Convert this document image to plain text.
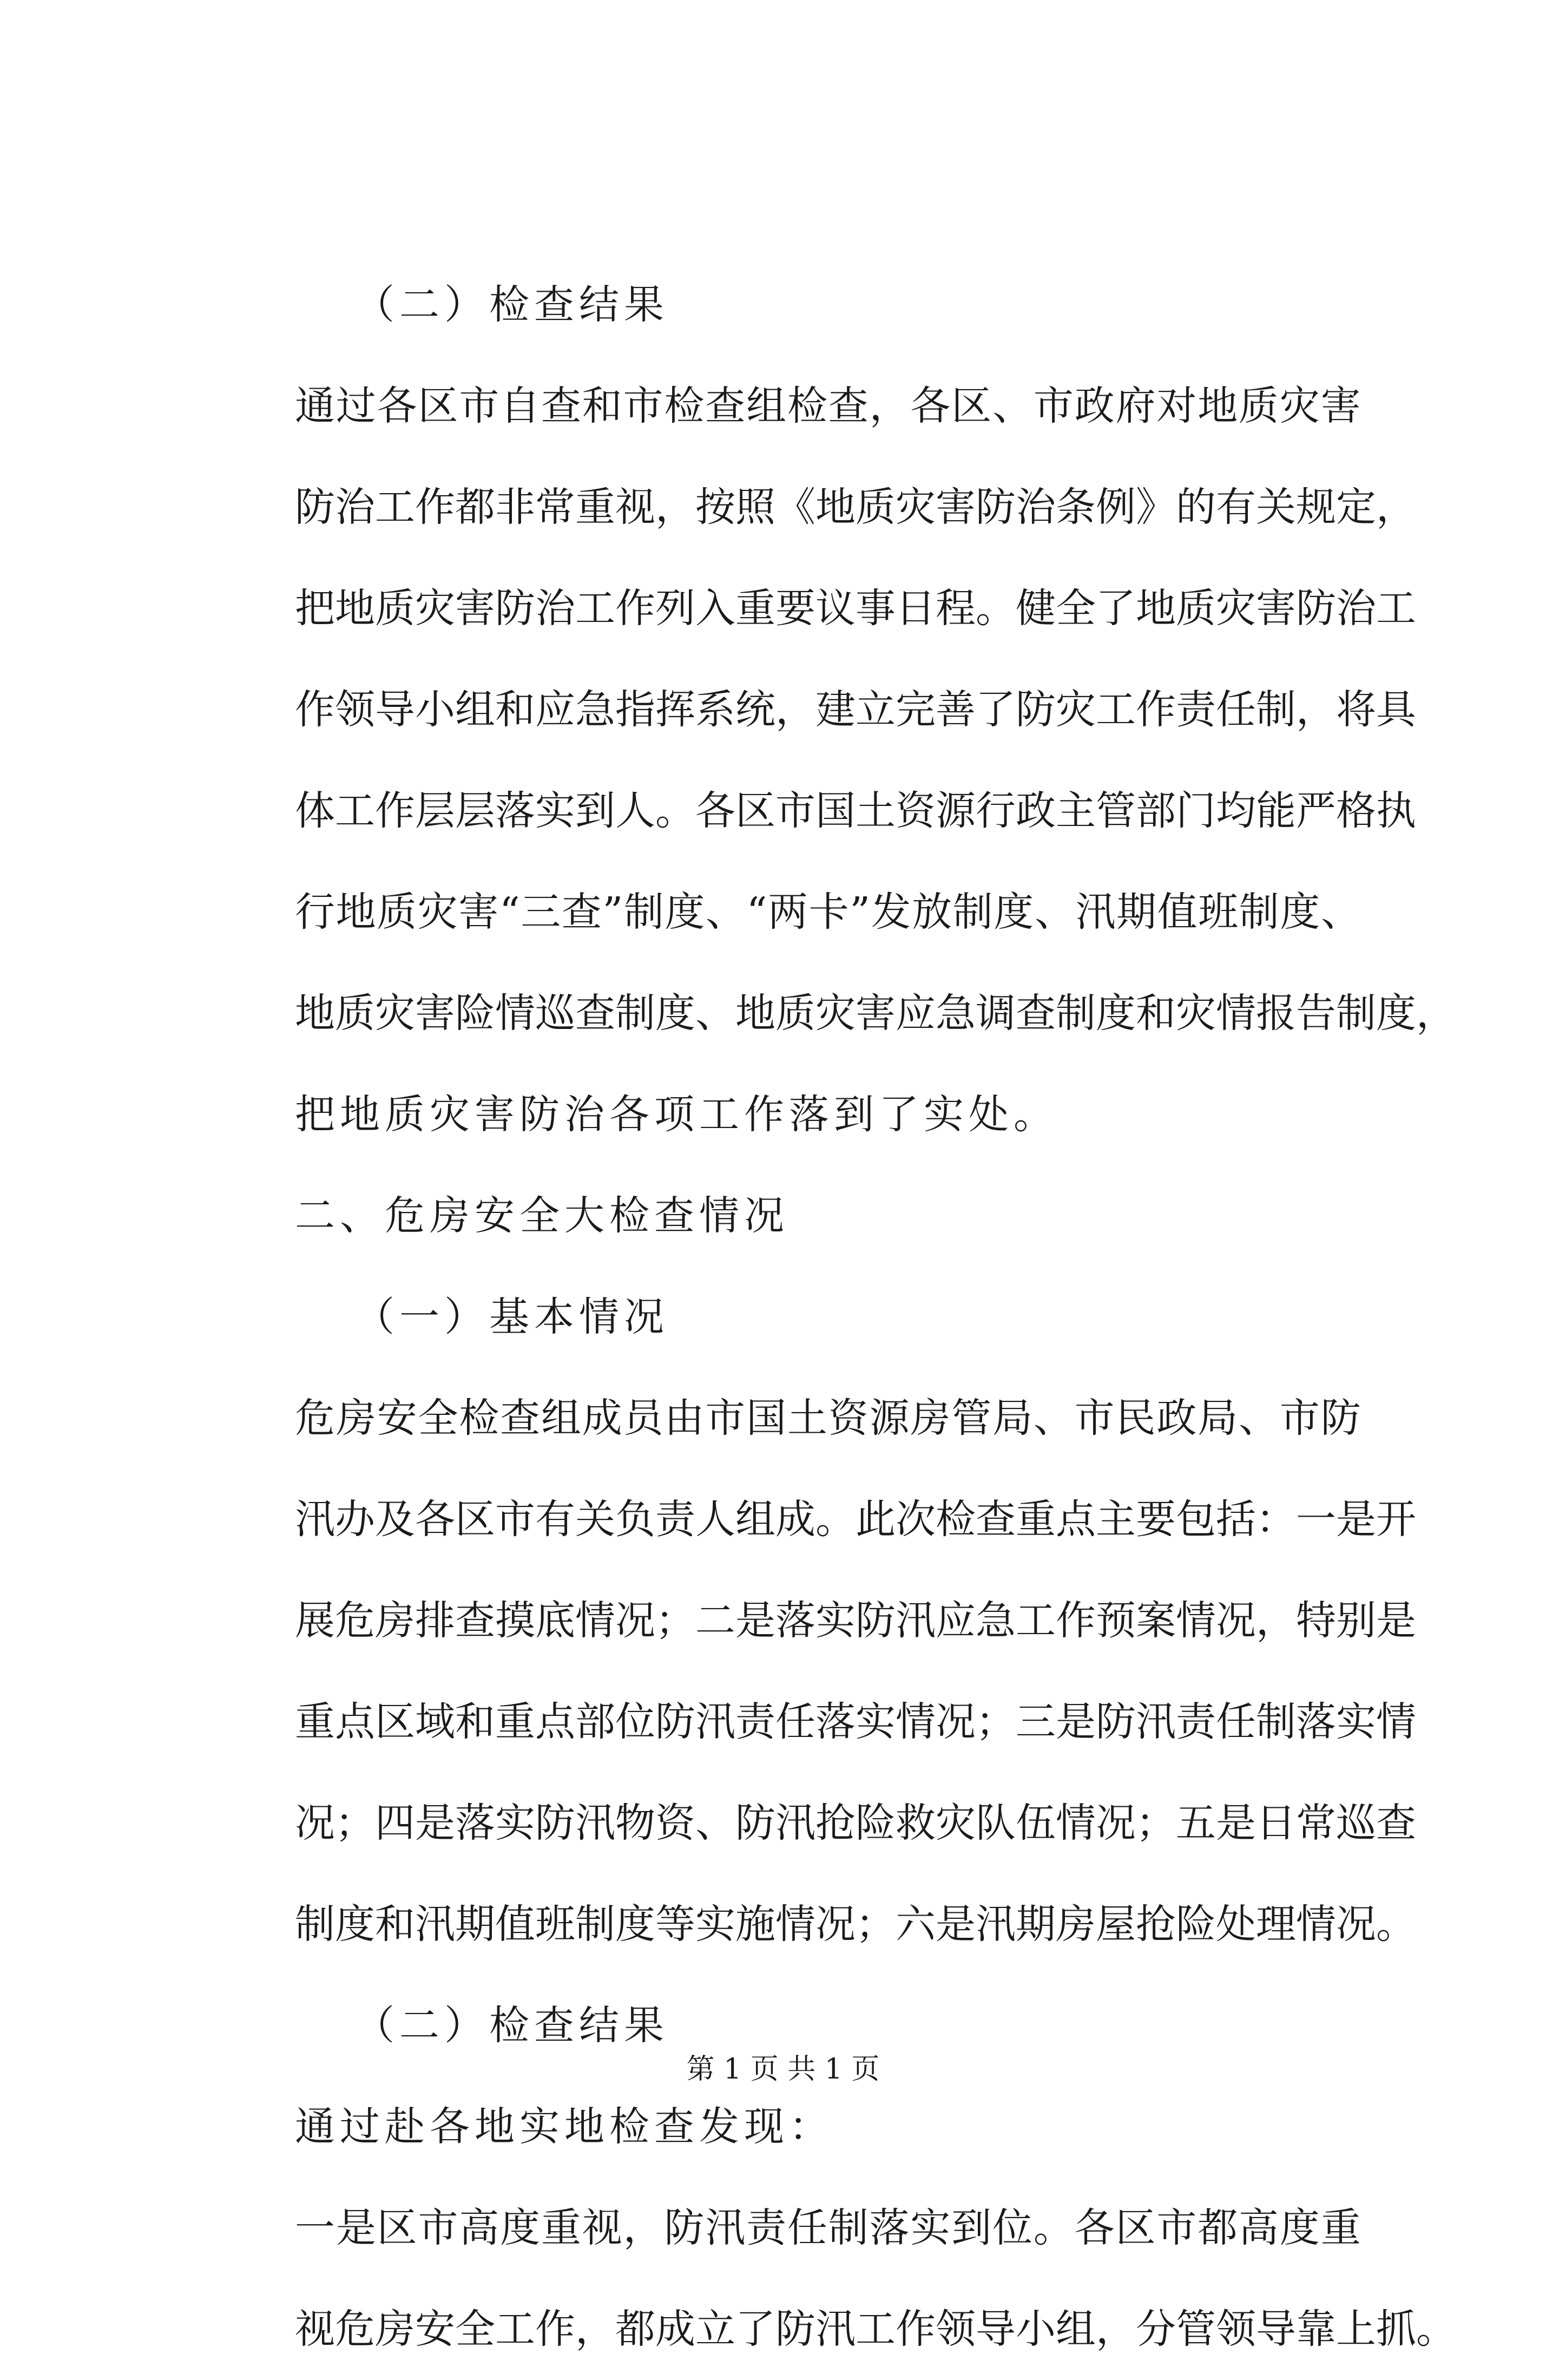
（二）检查结果
通 过 各 区 市 自 查 和 市 检 查 组 检 查 ， 各 区 、 市 政 府 对 地 质 灾 害
防 治 工 作 都 非 常 重 视 ， 按 照 《 地 质 灾 害 防 治 条 例 》 的 有 关 规 定 ，
把 地 质 灾 害 防 治 工 作 列 入 重 要 议 事 日 程 。 健 全 了 地 质 灾 害 防 治 工
作 领 导 小 组 和 应 急 指 挥 系 统 ， 建 立 完 善 了 防 灾 工 作 责 任 制 ， 将 具
体 工 作 层 层 落 实 到 人 。 各 区 市 国 土 资 源 行 政 主 管 部 门 均 能 严 格 执
行 地 质 灾 害 “ 三 查 ” 制 度 、 “ 两 卡 ” 发 放 制 度 、 汛 期 值 班 制 度 、
地 质 灾 害 险 情 巡 查 制 度 、 地 质 灾 害 应 急 调 查 制 度 和 灾 情 报 告 制 度 ，
把地质灾害防治各项工作落到了实处。
二、危房安全大检查情况
（一）基本情况
危 房 安 全 检 查 组 成 员 由 市 国 土 资 源 房 管 局 、 市 民 政 局 、 市 防
汛 办 及 各 区 市 有 关 负 责 人 组 成 。 此 次 检 查 重 点 主 要 包 括 ： 一 是 开
展 危 房 排 查 摸 底 情 况 ； 二 是 落 实 防 汛 应 急 工 作 预 案 情 况 ， 特 别 是
重 点 区 域 和 重 点 部 位 防 汛 责 任 落 实 情 况 ； 三 是 防 汛 责 任 制 落 实 情
况 ； 四 是 落 实 防 汛 物 资 、 防 汛 抢 险 救 灾 队 伍 情 况 ； 五 是 日 常 巡 查
制 度 和 汛 期 值 班 制 度 等 实 施 情 况 ； 六 是 汛 期 房 屋 抢 险 处 理 情 况 。
（二）检查结果
通过赴各地实地检查发现：
一 是 区 市 高 度 重 视 ， 防 汛 责 任 制 落 实 到 位 。 各 区 市 都 高 度 重
视 危 房 安 全 工 作 ， 都 成 立 了 防 汛 工 作 领 导 小 组 ， 分 管 领 导 靠 上 抓 。
第 1 页 共 1 页
